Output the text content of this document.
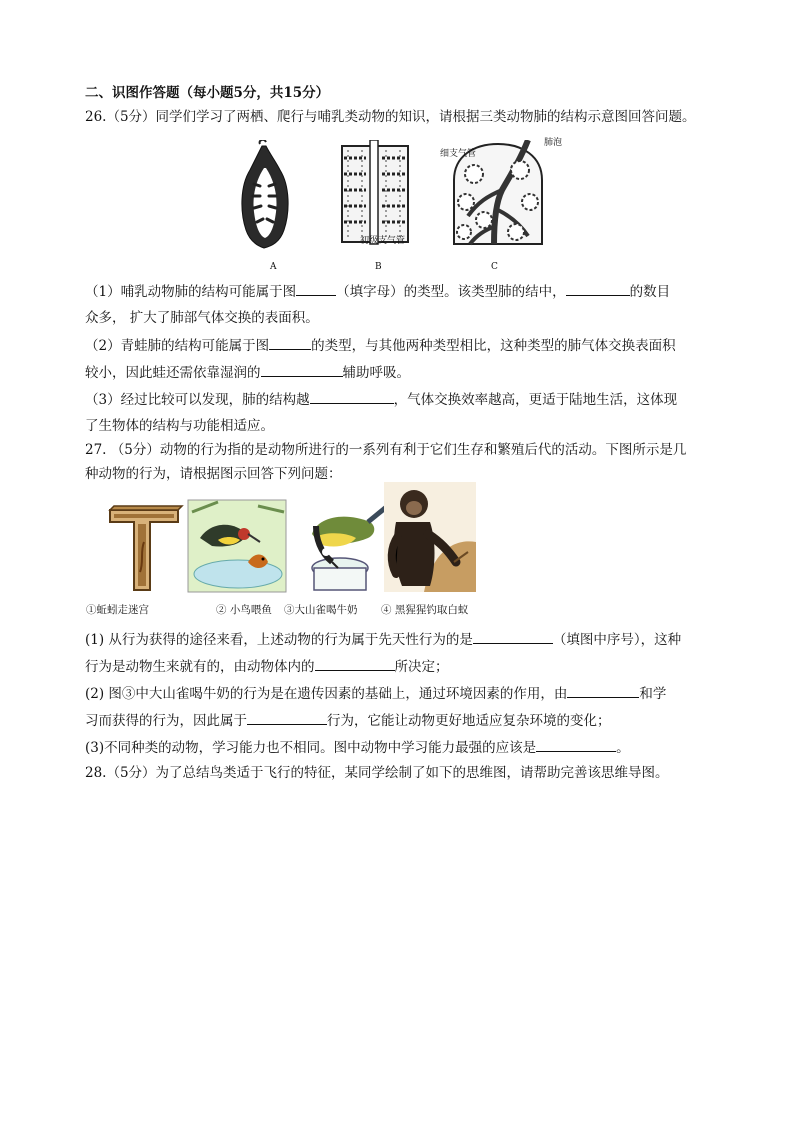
二、识图作答题（每小题5分，共15分）
26.（5分）同学们学习了两栖、爬行与哺乳类动物的知识，请根据三类动物肺的结构示意图回答问题。
肺泡
细支气管
初级支气管
A	B	C
（1）哺乳动物肺的结构可能属于图	（填字母）的类型。该类型肺的结中，	的数目
众多， 扩大了肺部气体交换的表面积。
（2）青蛙肺的结构可能属于图	的类型，与其他两种类型相比，这种类型的肺气体交换表面积
较小，因此蛙还需依靠湿润的	辅助呼吸。
（3）经过比较可以发现，肺的结构越	，气体交换效率越高，更适于陆地生活，这体现
了生物体的结构与功能相适应。
27. （5分）动物的行为指的是动物所进行的一系列有利于它们生存和繁殖后代的活动。下图所示是几
种动物的行为，请根据图示回答下列问题：
①蚯蚓走迷宫	② 小鸟喂鱼 ③大山雀喝牛奶 ④ 黑猩猩钓取白蚁
(1) 从行为获得的途径来看，上述动物的行为属于先天性行为的是	（填图中序号），这种
行为是动物生来就有的，由动物体内的	所决定；
(2) 图③中大山雀喝牛奶的行为是在遗传因素的基础上，通过环境因素的作用，由	和学
习而获得的行为，因此属于	行为，它能让动物更好地适应复杂环境的变化；
(3)不同种类的动物，学习能力也不相同。图中动物中学习能力最强的应该是	。
28.（5分）为了总结鸟类适于飞行的特征，某同学绘制了如下的思维图，请帮助完善该思维导图。
